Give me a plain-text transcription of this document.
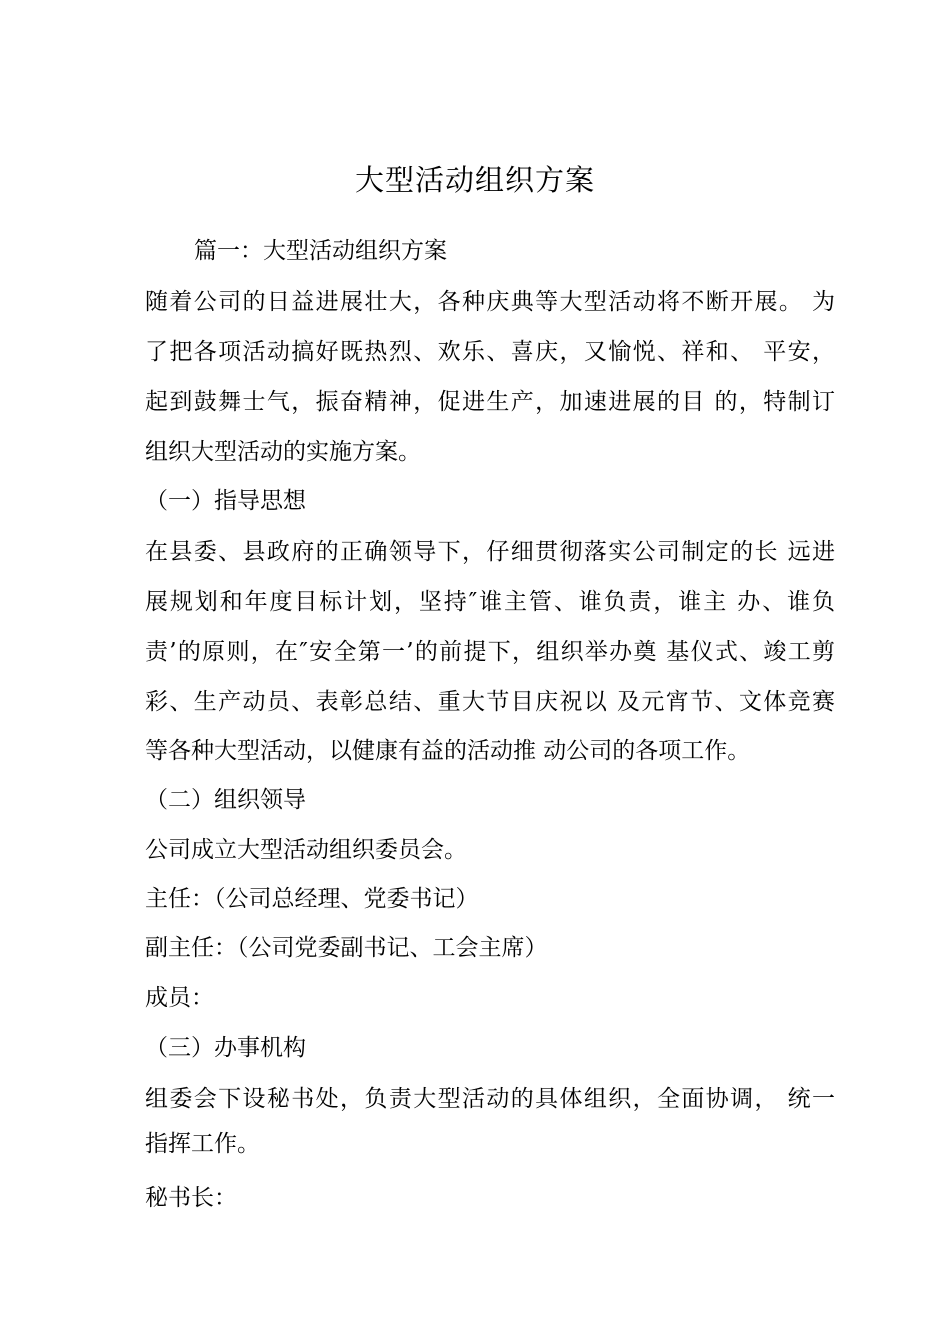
大型活动组织方案
篇一：大型活动组织方案
随着公司的日益进展壮大，各种庆典等大型活动将不断开展。 为
了把各项活动搞好既热烈、欢乐、喜庆，又愉悦、祥和、 平安，
起到鼓舞士气，振奋精神，促进生产，加速进展的目 的，特制订
组织大型活动的实施方案。
（一）指导思想
在县委、县政府的正确领导下，仔细贯彻落实公司制定的长 远进
展规划和年度目标计划，坚持″谁主管、谁负责，谁主 办、谁负
责’的原则，在″安全第一’的前提下，组织举办奠 基仪式、竣工剪
彩、生产动员、表彰总结、重大节目庆祝以 及元宵节、文体竞赛
等各种大型活动，以健康有益的活动推 动公司的各项工作。
（二）组织领导
公司成立大型活动组织委员会。
主任：（公司总经理、党委书记）
副主任：（公司党委副书记、工会主席）
成员：
（三）办事机构
组委会下设秘书处，负责大型活动的具体组织，全面协调， 统一
指挥工作。
秘书长：
